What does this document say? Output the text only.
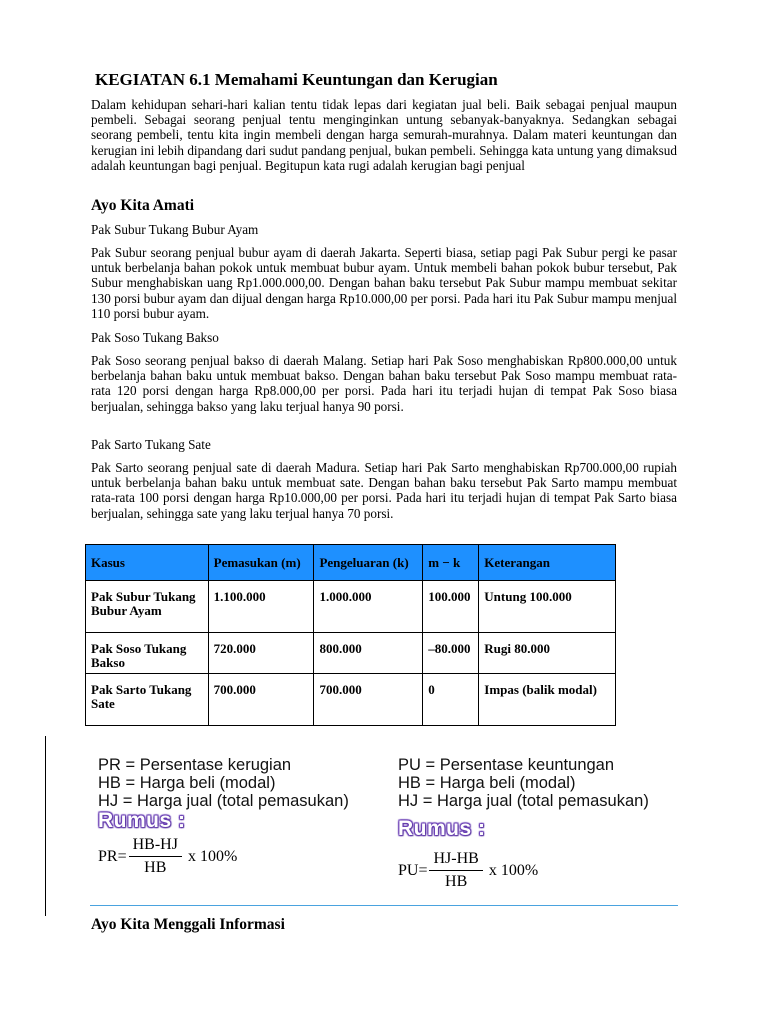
KEGIATAN 6.1 Memahami Keuntungan dan Kerugian

Dalam kehidupan sehari-hari kalian tentu tidak lepas dari kegiatan jual beli. Baik sebagai penjual maupun pembeli. Sebagai seorang penjual tentu menginginkan untung sebanyak-banyaknya. Sedangkan sebagai seorang pembeli, tentu kita ingin membeli dengan harga semurah-murahnya. Dalam materi keuntungan dan kerugian ini lebih dipandang dari sudut pandang penjual, bukan pembeli. Sehingga kata untung yang dimaksud adalah keuntungan bagi penjual. Begitupun kata rugi adalah kerugian bagi penjual

Ayo Kita Amati
Pak Subur Tukang Bubur Ayam

Pak Subur seorang penjual bubur ayam di daerah Jakarta. Seperti biasa, setiap pagi Pak Subur pergi ke pasar untuk berbelanja bahan pokok untuk membuat bubur ayam. Untuk membeli bahan pokok bubur tersebut, Pak Subur menghabiskan uang Rp1.000.000,00. Dengan bahan baku tersebut Pak Subur mampu membuat sekitar 130 porsi bubur ayam dan dijual dengan harga Rp10.000,00 per porsi. Pada hari itu Pak Subur mampu menjual 110 porsi bubur ayam.

Pak Soso Tukang Bakso

Pak Soso seorang penjual bakso di daerah Malang. Setiap hari Pak Soso menghabiskan Rp800.000,00 untuk berbelanja bahan baku untuk membuat bakso. Dengan bahan baku tersebut Pak Soso mampu membuat rata-rata 120 porsi dengan harga Rp8.000,00 per porsi. Pada hari itu terjadi hujan di tempat Pak Soso biasa berjualan, sehingga bakso yang laku terjual hanya 90 porsi.

Pak Sarto Tukang Sate

Pak Sarto seorang penjual sate di daerah Madura. Setiap hari Pak Sarto menghabiskan Rp700.000,00 rupiah untuk berbelanja bahan baku untuk membuat sate. Dengan bahan baku tersebut Pak Sarto mampu membuat rata-rata 100 porsi dengan harga Rp10.000,00 per porsi. Pada hari itu terjadi hujan di tempat Pak Sarto biasa berjualan, sehingga sate yang laku terjual hanya 70 porsi.

Kasus	Pemasukan (m)	Pengeluaran (k)	m − k	Keterangan
Pak Subur Tukang Bubur Ayam	1.100.000	1.000.000	100.000	Untung 100.000
Pak Soso Tukang Bakso	720.000	800.000	–80.000	Rugi 80.000
Pak Sarto Tukang Sate	700.000	700.000	0	Impas (balik modal)
PR = Persentase kerugian
HB = Harga beli (modal)
HJ = Harga jual (total pemasukan)
Rumus :
$PR= \frac{HB-HJ}{HB}$ x 100%
PU = Persentase keuntungan
HB = Harga beli (modal)
HJ = Harga jual (total pemasukan)
Rumus :
$PU= \frac{HJ-HB}{HB}$ x 100%
Ayo Kita Menggali Informasi
